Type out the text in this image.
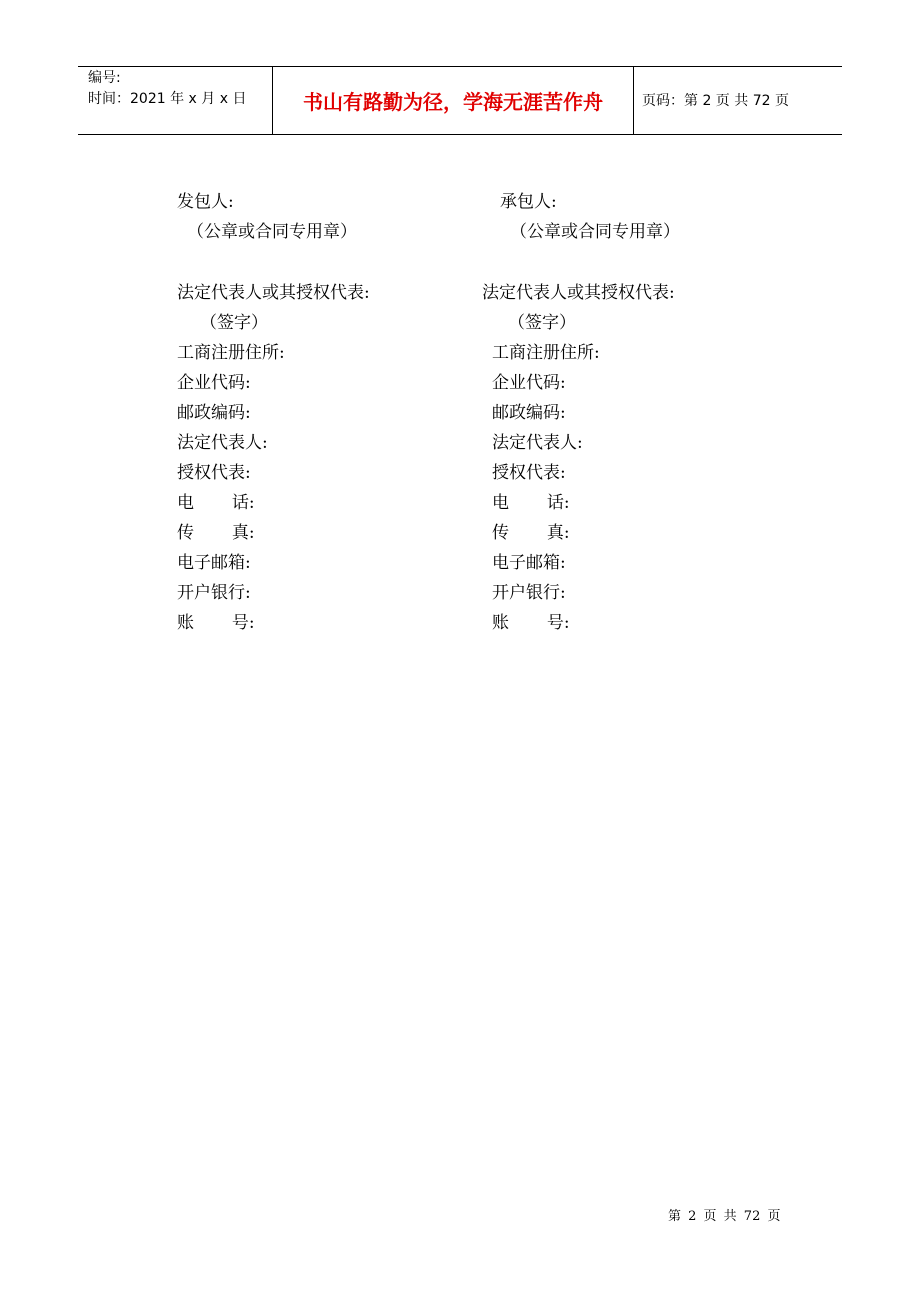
编号:
时间：2021 年 x 月 x 日	书山有路勤为径，学海无涯苦作舟	页码：第 2 页 共 72 页
发包人:
（公章或合同专用章）
法定代表人或其授权代表:
（签字）
工商注册住所:
企业代码:
邮政编码:
法定代表人:
授权代表:
电       话:
传       真:
电子邮箱:
开户银行:
账       号:
承包人:
（公章或合同专用章）
法定代表人或其授权代表:
（签字）
工商注册住所:
企业代码:
邮政编码:
法定代表人:
授权代表:
电       话:
传       真:
电子邮箱:
开户银行:
账       号:
第 2 页 共 72 页
